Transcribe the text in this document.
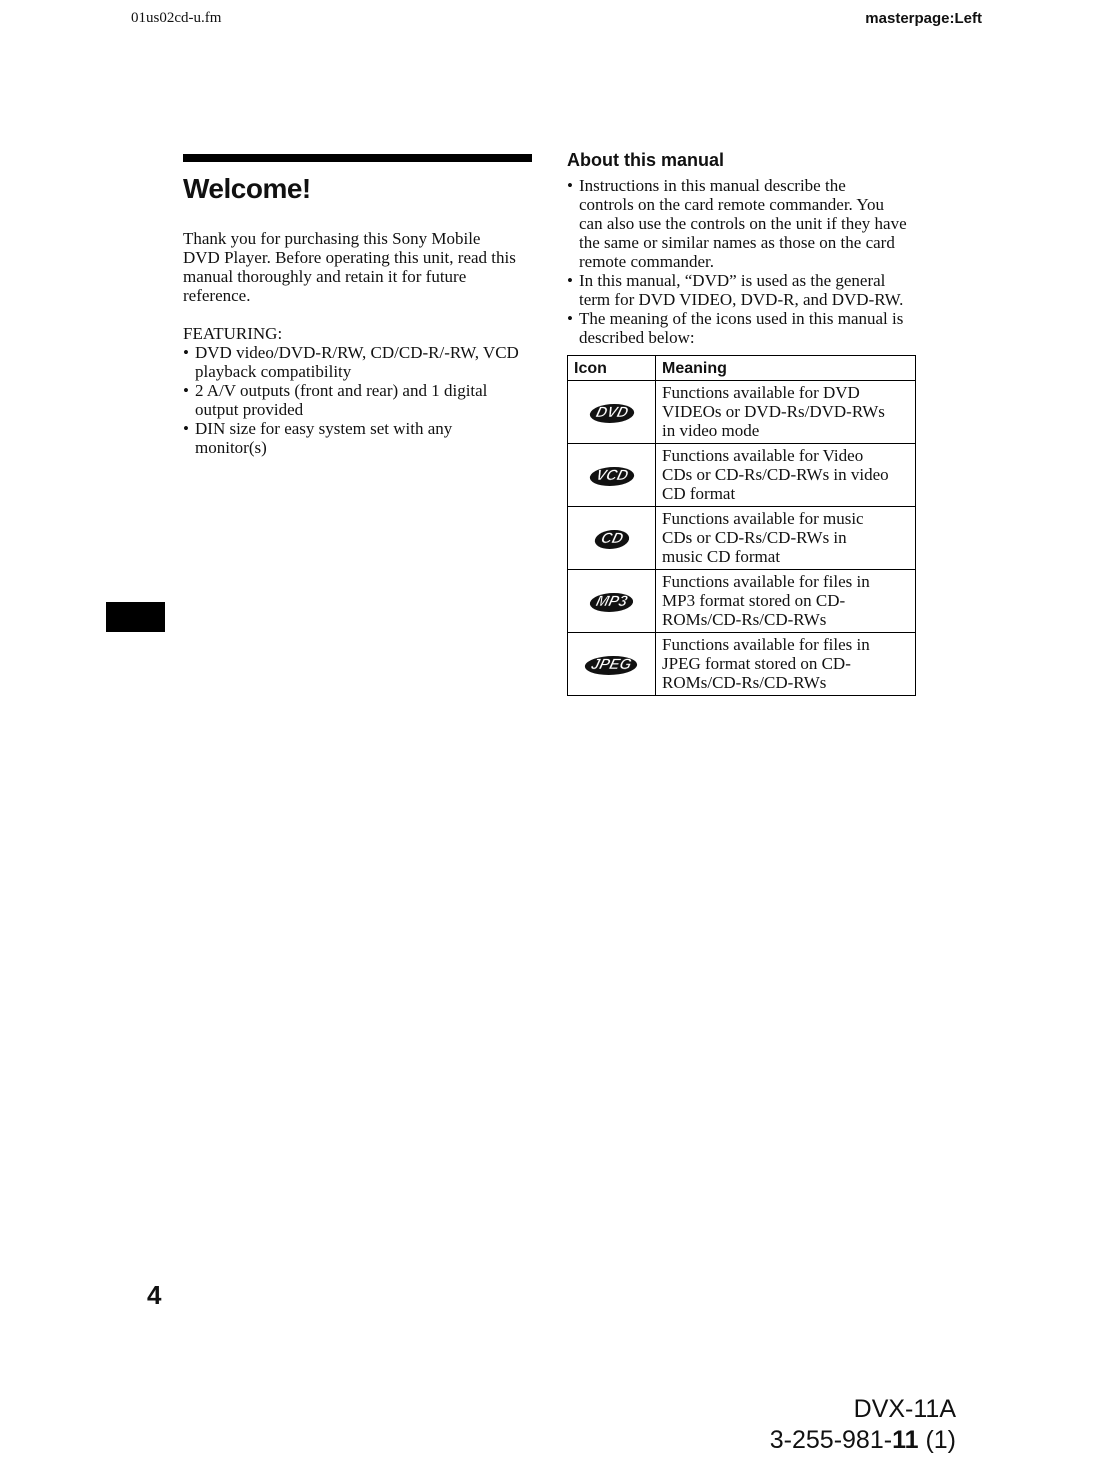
01us02cd-u.fm	masterpage:Left
Welcome!

Thank you for purchasing this Sony Mobile
DVD Player. Before operating this unit, read this
manual thoroughly and retain it for future
reference.

FEATURING:

• DVD video/DVD-R/RW, CD/CD-R/-RW, VCD
playback compatibility
• 2 A/V outputs (front and rear) and 1 digital
output provided
• DIN size for easy system set with any
monitor(s)
About this manual
• Instructions in this manual describe the
controls on the card remote commander. You
can also use the controls on the unit if they have
the same or similar names as those on the card
remote commander.
• In this manual, “DVD” is used as the general
term for DVD VIDEO, DVD-R, and DVD-RW.
• The meaning of the icons used in this manual is
described below:
Icon	Meaning
DVD	Functions available for DVD
VIDEOs or DVD-Rs/DVD-RWs
in video mode
VCD	Functions available for Video
CDs or CD-Rs/CD-RWs in video
CD format
CD	Functions available for music
CDs or CD-Rs/CD-RWs in
music CD format
MP3	Functions available for files in
MP3 format stored on CD-
ROMs/CD-Rs/CD-RWs
JPEG	Functions available for files in
JPEG format stored on CD-
ROMs/CD-Rs/CD-RWs
4
DVX-11A
3-255-981-11 (1)
